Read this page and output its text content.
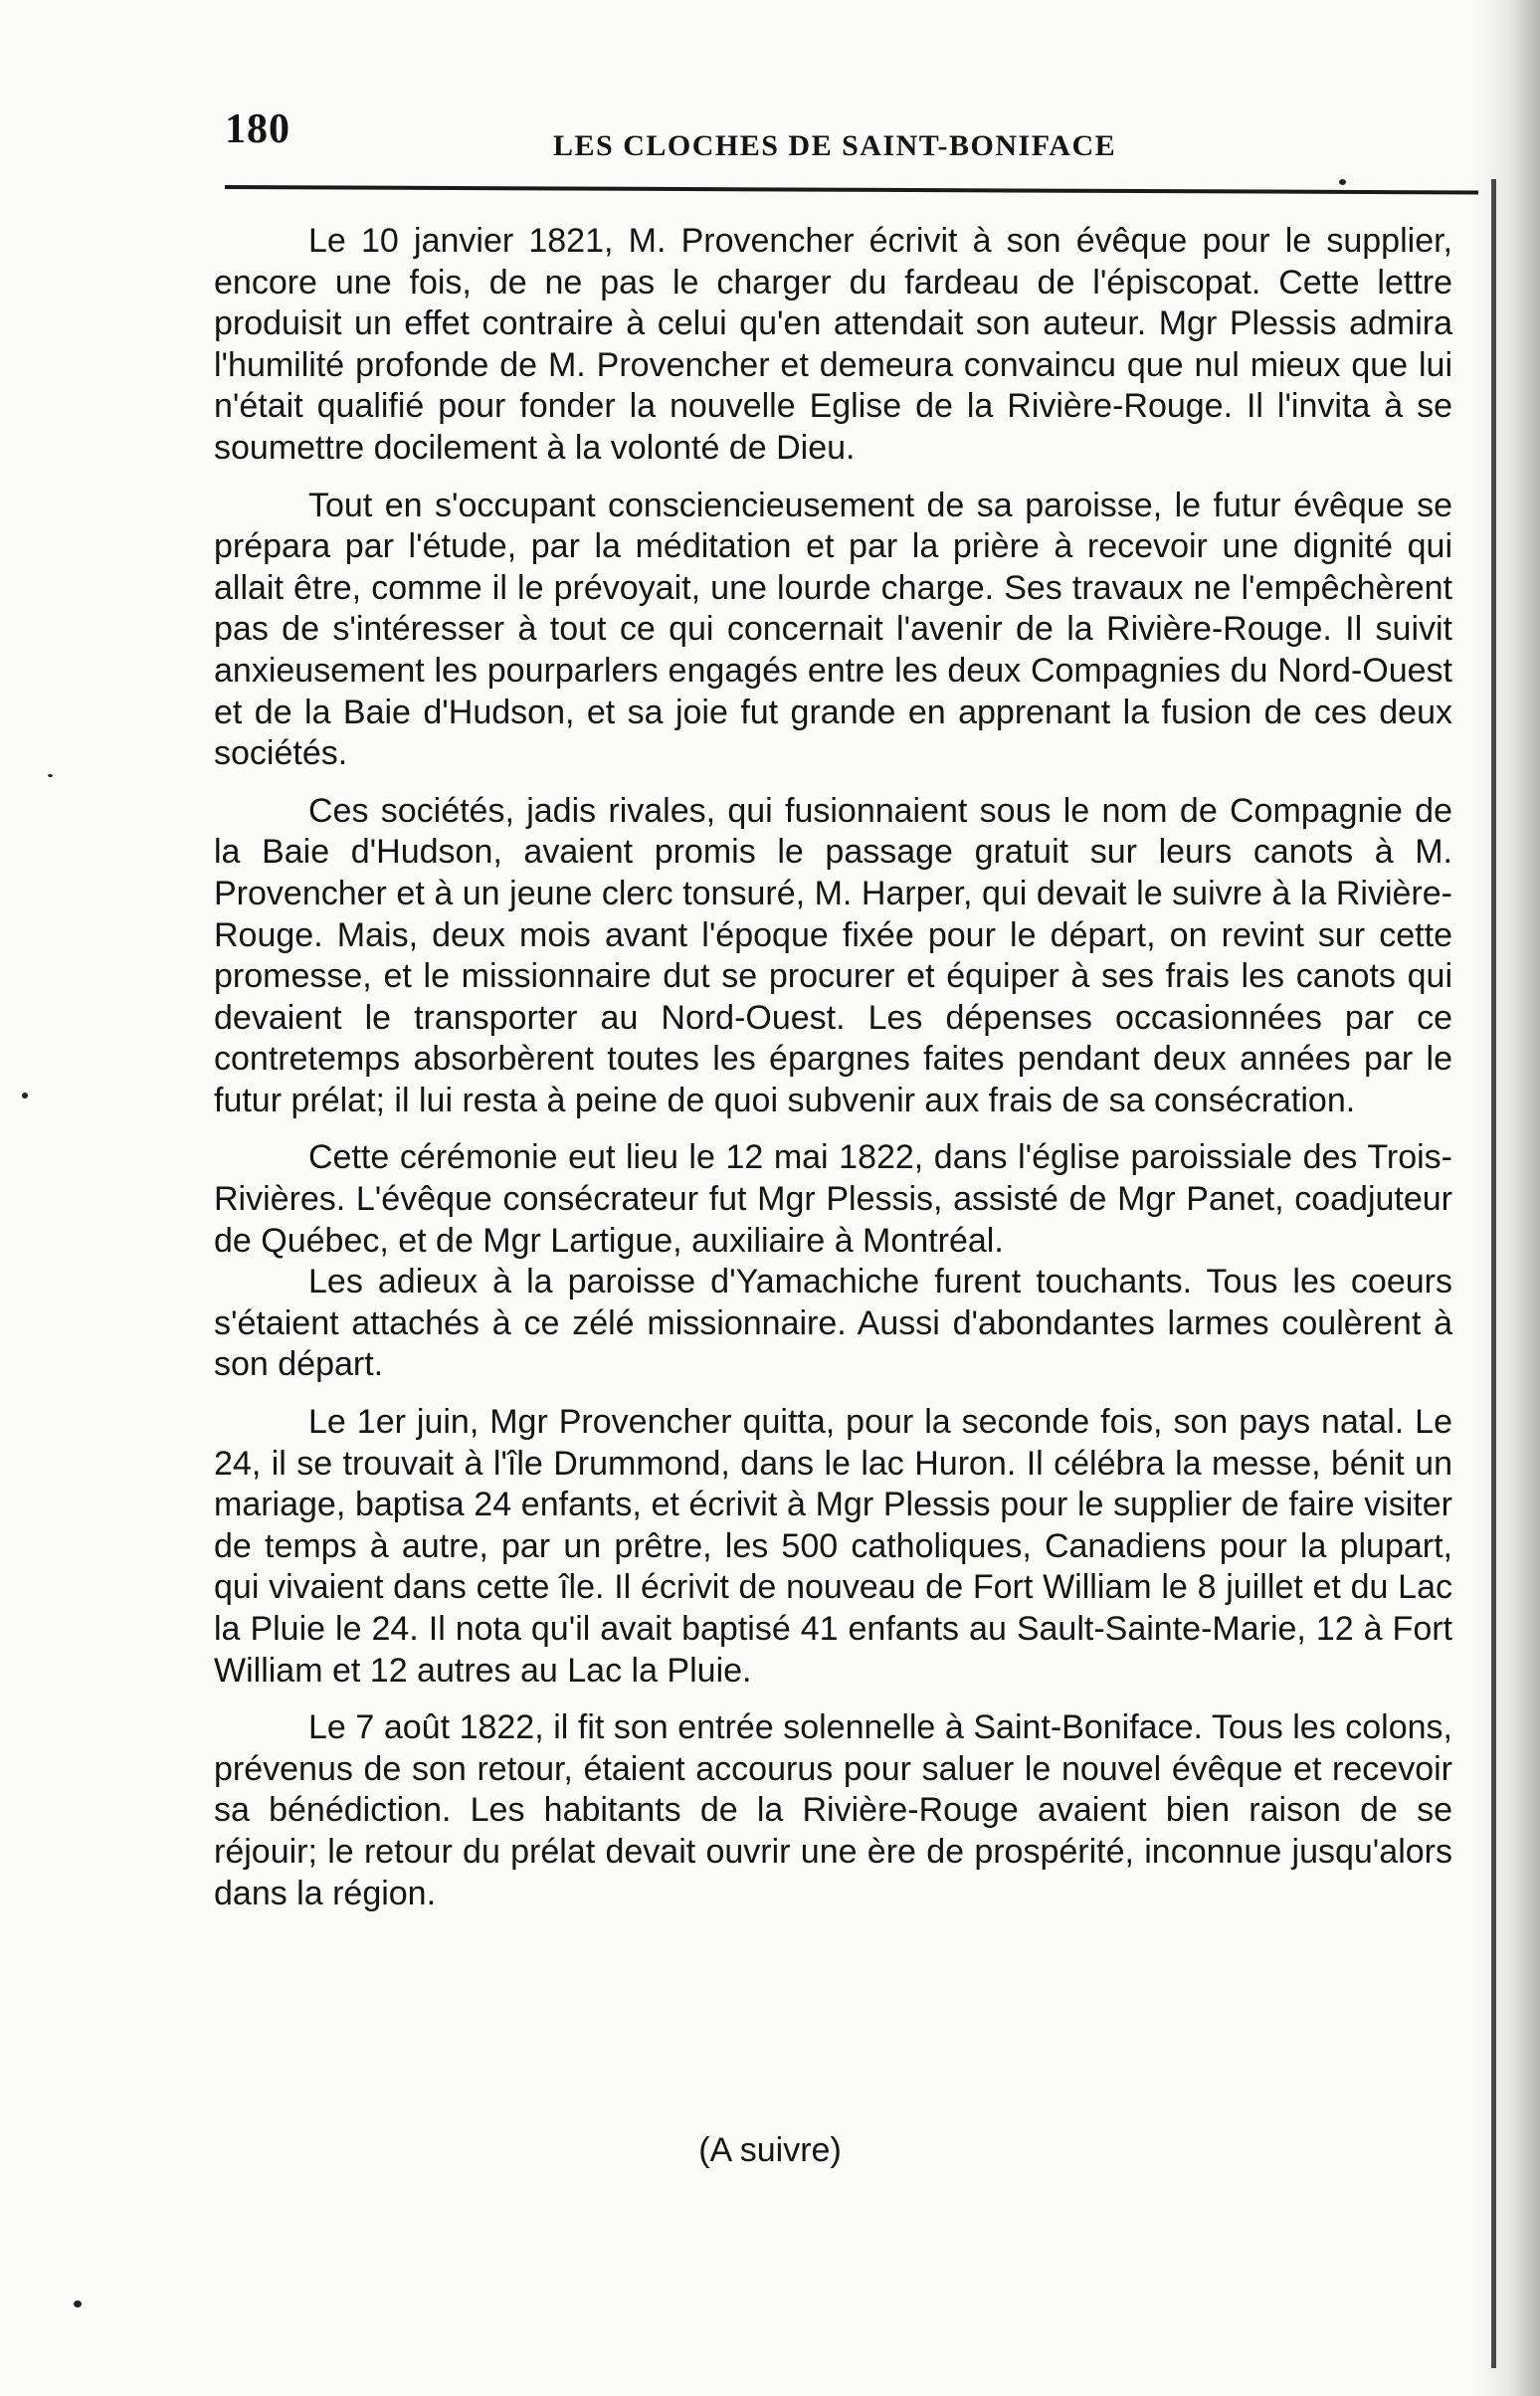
180	LES CLOCHES DE SAINT-BONIFACE

Le 10 janvier 1821, M. Provencher écrivit à son évêque pour le supplier, encore une fois, de ne pas le charger du fardeau de l'épiscopat. Cette lettre produisit un effet contraire à celui qu'en attendait son auteur. Mgr Plessis admira l'humilité profonde de M. Provencher et demeura convaincu que nul mieux que lui n'était qualifié pour fonder la nouvelle Eglise de la Rivière-Rouge. Il l'invita à se soumettre docilement à la volonté de Dieu.

Tout en s'occupant consciencieusement de sa paroisse, le futur évêque se prépara par l'étude, par la méditation et par la prière à recevoir une dignité qui allait être, comme il le prévoyait, une lourde charge. Ses travaux ne l'empêchèrent pas de s'intéresser à tout ce qui concernait l'avenir de la Rivière-Rouge. Il suivit anxieusement les pourparlers engagés entre les deux Compagnies du Nord-Ouest et de la Baie d'Hudson, et sa joie fut grande en apprenant la fusion de ces deux sociétés.

Ces sociétés, jadis rivales, qui fusionnaient sous le nom de Compagnie de la Baie d'Hudson, avaient promis le passage gratuit sur leurs canots à M. Provencher et à un jeune clerc tonsuré, M. Harper, qui devait le suivre à la Rivière-Rouge. Mais, deux mois avant l'époque fixée pour le départ, on revint sur cette promesse, et le missionnaire dut se procurer et équiper à ses frais les canots qui devaient le transporter au Nord-Ouest. Les dépenses occasionnées par ce contretemps absorbèrent toutes les épargnes faites pendant deux années par le futur prélat; il lui resta à peine de quoi subvenir aux frais de sa consécration.

Cette cérémonie eut lieu le 12 mai 1822, dans l'église paroissiale des Trois-Rivières. L'évêque consécrateur fut Mgr Plessis, assisté de Mgr Panet, coadjuteur de Québec, et de Mgr Lartigue, auxiliaire à Montréal.

Les adieux à la paroisse d'Yamachiche furent touchants. Tous les coeurs s'étaient attachés à ce zélé missionnaire. Aussi d'abondantes larmes coulèrent à son départ.

Le 1er juin, Mgr Provencher quitta, pour la seconde fois, son pays natal. Le 24, il se trouvait à l'île Drummond, dans le lac Huron. Il célébra la messe, bénit un mariage, baptisa 24 enfants, et écrivit à Mgr Plessis pour le supplier de faire visiter de temps à autre, par un prêtre, les 500 catholiques, Canadiens pour la plupart, qui vivaient dans cette île. Il écrivit de nouveau de Fort William le 8 juillet et du Lac la Pluie le 24. Il nota qu'il avait baptisé 41 enfants au Sault-Sainte-Marie, 12 à Fort William et 12 autres au Lac la Pluie.

Le 7 août 1822, il fit son entrée solennelle à Saint-Boniface. Tous les colons, prévenus de son retour, étaient accourus pour saluer le nouvel évêque et recevoir sa bénédiction. Les habitants de la Rivière-Rouge avaient bien raison de se réjouir; le retour du prélat devait ouvrir une ère de prospérité, inconnue jusqu'alors dans la région.

(A suivre)
